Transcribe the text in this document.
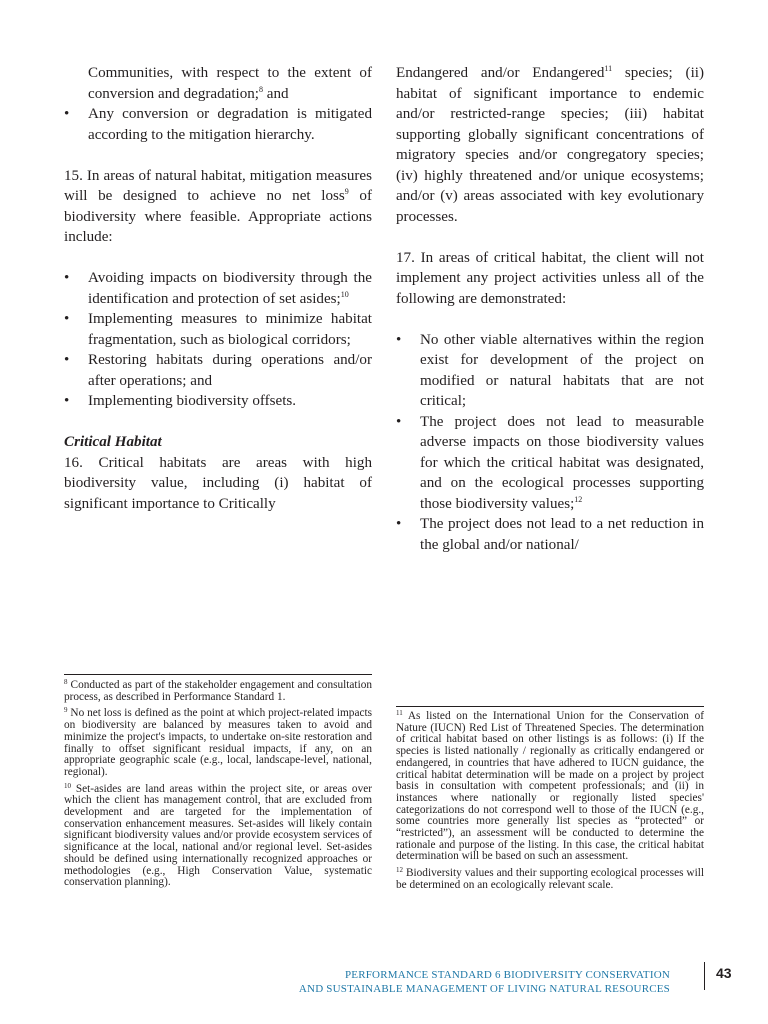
Communities, with respect to the extent of conversion and degradation;$^8$ and

• Any conversion or degradation is mitigated according to the mitigation hierarchy.

15. In areas of natural habitat, mitigation measures will be designed to achieve no net loss$^9$ of biodiversity where feasible. Appropriate actions include:

• Avoiding impacts on biodiversity through the identification and protection of set asides;$^{10}$
• Implementing measures to minimize habitat fragmentation, such as biological corridors;
• Restoring habitats during operations and/or after operations; and
• Implementing biodiversity offsets.

Critical Habitat

16. Critical habitats are areas with high biodiversity value, including (i) habitat of significant importance to Critically

Endangered and/or Endangered$^{11}$ species; (ii) habitat of significant importance to endemic and/or restricted-range species; (iii) habitat supporting globally significant concentrations of migratory species and/or congregatory species; (iv) highly threatened and/or unique ecosystems; and/or (v) areas associated with key evolutionary processes.

17. In areas of critical habitat, the client will not implement any project activities unless all of the following are demonstrated:

• No other viable alternatives within the region exist for development of the project on modified or natural habitats that are not critical;
• The project does not lead to measurable adverse impacts on those biodiversity values for which the critical habitat was designated, and on the ecological processes supporting those biodiversity values;$^{12}$
• The project does not lead to a net reduction in the global and/or national/

$^8$ Conducted as part of the stakeholder engagement and consultation process, as described in Performance Standard 1.

$^9$ No net loss is defined as the point at which project-related impacts on biodiversity are balanced by measures taken to avoid and minimize the project's impacts, to undertake on-site restoration and finally to offset significant residual impacts, if any, on an appropriate geographic scale (e.g., local, landscape-level, national, regional).

$^{10}$ Set-asides are land areas within the project site, or areas over which the client has management control, that are excluded from development and are targeted for the implementation of conservation enhancement measures. Set-asides will likely contain significant biodiversity values and/or provide ecosystem services of significance at the local, national and/or regional level. Set-asides should be defined using internationally recognized approaches or methodologies (e.g., High Conservation Value, systematic conservation planning).

$^{11}$ As listed on the International Union for the Conservation of Nature (IUCN) Red List of Threatened Species. The determination of critical habitat based on other listings is as follows: (i) If the species is listed nationally / regionally as critically endangered or endangered, in countries that have adhered to IUCN guidance, the critical habitat determination will be made on a project by project basis in consultation with competent professionals; and (ii) in instances where nationally or regionally listed species' categorizations do not correspond well to those of the IUCN (e.g., some countries more generally list species as “protected” or “restricted”), an assessment will be conducted to determine the rationale and purpose of the listing. In this case, the critical habitat determination will be based on such an assessment.

$^{12}$ Biodiversity values and their supporting ecological processes will be determined on an ecologically relevant scale.

PERFORMANCE STANDARD 6 BIODIVERSITY CONSERVATION
AND SUSTAINABLE MANAGEMENT OF LIVING NATURAL RESOURCES
43
